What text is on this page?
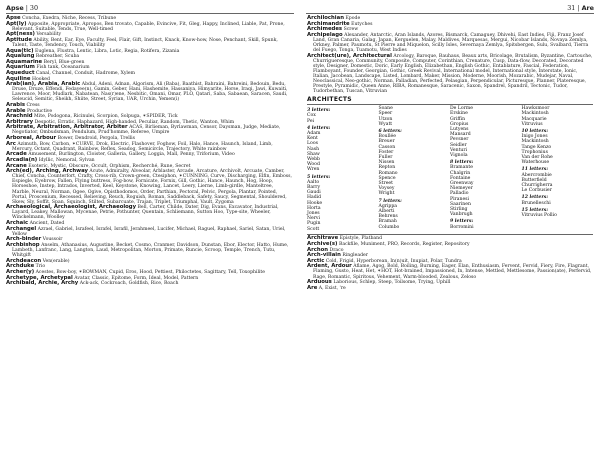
Apse | 30	31 | Are
Apse Concha, Exedra, Niche, Recess, Tribune
Apt(ly) Apposite, Appropriate, Apropos, Ben trovato, Capable, Evincive, Fit, Gleg, Happy, Inclined, Liable, Pat, Prone, Relevant, Suitable, Tends, True, Well-timed
Apt(ness) Versability
Aptitude Ability, Bent, Ear, Eye, Faculty, Feel, Flair, Gift, Instinct, Knack, Know-how, Nose, Penchant, Skill, Spunk, Talent, Taste, Tendency, Touch, Viability
Aqua(tic) Euglena, Flustra, Lentic, Libra, Lotic, Regia, Rotifera, Zizania
Aqualung Rebreather, Scuba
Aquamarine Beryl, Blue-green
Aquarium Fish tank, Oceanarium
Aqueduct Canal, Channel, Conduit, Hadrome, Xylem
Aquiline Hooked
Arab(ian), Arabia, Arabic Abdul, Adeni, Adnan, Algorism, Ali (Baba), Baathist, Bahraini, Bahreini, Bedouin, Bedu, Druse, Druze, Effendi, Fedayee(n), Gamin, Geber, Hani, Hashemite, Hassaniya, Himyarite, Horse, Iraqi, Jawi, Kuwaiti, Lawrence, Moor, Mudlark, Nabatean, Nas(r)ene, Nesbitic, Omani, Omar, PLO, Qatari, Saba, Sabaean, Saracen, Saudi, Seleucid, Semitic, Sheikh, Shiite, Street, Syrian, UAR, Urchin, Yemen(i)
Arabis Cress
Arable Productive
Arachnid Mite, Podogona, Ricinulei, Scorpion, Solpuga, ✶SPIDER, Tick
Arbitrary Despotic, Erratic, Haphazard, High-handed, Peculiar, Random, Thetic, Wanton, Whim
Arbitrate, Arbitration, Arbitrator, Arbiter ACAS, Birlieman, Byrlawman, Censor, Daysman, Judge, Mediate, Negotiator, Ombudsman, Pendulum, Prud'homme, Referee, Umpire
Arboreal, Arbour Bower, Dendroid, Pergola, Trellis
Arc Azimuth, Bow, Carbon, ✶CURVE, Drok, Electric, Flashover, Foghow, Foil, Halo, Hance, Haunch, Island, Limb, Mercury, Octant, Quadrant, Rainbow, Reflex, Seadog, Semicircle, Trajectory, White rainbow
Arcade Amusement, Burlington, Cloister, Galleria, Gallery, Loggia, Mall, Penny, Triforium, Video
Arcadia(n) Idyllic, Nemoral, Sylvan
Arcane Esoteric, Mystic, Obscure, Occult, Orphism, Recherché, Rune, Secret
Arch(ed), Arching, Archway Acute, Admiralty, Alveolar, Arblaster, Arcade, Arcature, Archivolt, Arcuate, Camber, Chief, Concha, Counterfort, Crafty, Cross-rib, Crown-green, Ctesiphon, ✶CUNNING, Curve, Discharging, Elfin, Emboss, Espiegle, Eyebrow, Fallen, Flying buttress, Fog-bow, Fornicate, Fornix, Gill, Gothic, Hance, Haunch, Hog, Hoop, Horseshoe, Instep, Intrados, Inverted, Keel, Keystone, Knowing, Lancet, Leery, Lierne, Limb-girdle, Manteltree, Marble, Neural, Norman, Ogee, Ogive, Opisthodomos, Order, Parthian, Pectoral, Pelvic, Pergola, Plantar, Pointed, Portal, Proscenium, Recessed, Relieving, Reuch, Roguish, Roman, Saddleback, Safety, Saucy, Segmental, Shouldered, Skew, Sly, Soffit, Span, Squinch, Stilted, Subarcuate, Trajan, Triplet, Triumphal, Vault, Zygoma
Archaeological, Archaeologist, Archaeology Bell, Carter, Childe, Dater, Dig, Evans, Excavator, Industrial, Layard, Leakey, Mallowan, Mycenae, Petrie, Pothunter, Quentain, Schliemann, Sutton Hoo, Type-site, Wheeler, Winckelmann, Woolley
Archaic Ancient, Dated
Archangel Azrael, Gabriel, Israfeel, Israfel, Israfil, Jerahmeel, Lucifer, Michael, Raguel, Raphael, Sariel, Satan, Uriel, Yellow
Arch-binder Voussoir
Archbishop Anselm, Athanasius, Augustine, Becket, Cosmo, Cranmer, Davidson, Dunstan, Ebor, Elector, Hatto, Hume, Lambeth, Lanfranc, Lang, Langton, Laud, Metropolitan, Morton, Primate, Runcie, Scroop, Temple, Trench, Tutu, Whitgift
Archdeacon Ven(erable)
Archduke Trio
Archer(y) Acestes, Bow-boy, ✶BOWMAN, Cupid, Eros, Hood, Pettiest, Philoctetes, Sagittary, Tell, Toxophilite
Archetype, Archetypal Avatar, Classic, Epitome, Form, Ideal, Model, Pattern
Archibald, Archie, Archy Ack-ack, Cockroach, Goldfish, Rice, Roach
Archilochian Epode
Archimandrite Eutyches
Archimedes Screw
Archipelago Alexander, Antarctic, Aran Islands, Azores, Bismarck, Camaguey, Dhivehi, East Indies, Fiji, Franz Josef Land, Gran Canaria, Galag, Japan, Kerguelen, Malay, Maldives, Marquesas, Mergui, Nicobar Islands, Novaya Zemlya, Orkney, Palmer, Paumotu, St Pierre and Miquelon, Scilly Isles, Severnaya Zemlya, Spitsbergen, Sulu, Svalbard, Tierra del Fuego, Tonga, Tuamotu, West Indies
Architect(ure), Architectural Arcology, Baroque, Bauhaus, Beaux arts, Bricolage, Brutalism, Byzantine, Cartouche, Churrigueresque, Community, Composite, Computer, Corinthian, Crenature, Cusp, Data-flow, Decorated, Decorated style, Designer, Domestic, Doric, Early English, Elizabethan, English Gothic, Entablature, Fascial, Federation, Flamboyant, Founder, Georgian, Gothic, Greek Revival, International model, International style, Interstate, Ionic, Italian, Jacobean, Landscape, Listed, Lombard, Maker, Mission, Moderne, Moorish, Mozarabic, Mudejar, Naval, Neoclassical, Neo-gothic, Norman, Palladian, Perfected, Pelasgian, Perpendicular, Picturesque, Planner, Plateresque, Prestyle, Pyramidic, Queen Anne, RIBA, Romanesque, Saracenic, Saxon, Spandrel, Spandril, Tectonic, Tudor, Tudorbethan, Tuscan, Vitruvian
ARCHITECTS
3 letters:
Cox
Pei
4 letters:
Adam
Kent
Loos
Nash
Shaw
Webb
Wood
Wren
5 letters:
Aalto
Barry
Gaudi
Hadid
Hooke
Horta
Jones
Nervi
Pugin
Scott
Soane
Speer
Utzon
Wyatt
6 letters:
Boullée
Breuer
Casson
Foster
Fuller
Nissen
Repton
Romano
Spence
Street
Voysey
Wright
7 letters:
Agrippa
Alberti
Behrens
Bramah
Columbo
De Lorme
Erskine
Griffin
Gropius
Lutyens
Mansard
Pevsner
Seidler
Venturi
Vignola
8 letters:
Bramante
Chalgrin
Fontaine
Greenway
Niemeyer
Palladio
Piranesi
Saarinen
Stirling
Vanbrugh
9 letters:
Borromini
Hawksmoor
Mackintosh
Macquarie
Vitruvius
10 letters:
Inigo Jones
Mackintosh
Tange Kenzo
Trophonius
Van der Rohe
Waterhouse
11 letters:
Abercrombie
Butterfield
Churrigherra
Le Corbusier
12 letters:
Brunelleschi
15 letters:
Vitruvius Pollio
Architrave Epistyle, Platband
Archive(s) Backfile, Muniment, PRO, Records, Register, Repository
Archon Draco
Arch-villain Ringleader
Arctic Cold, Frigid, Hyperborean, In(n)uit, Inupiat, Polar, Tundra
Ardent, Ardour Aflame, Agog, Bold, Boiling, Burning, Eager, Élan, Enthusiasm, Fervent, Fervid, Fiery, Fire, Flagrant, Flaming, Gusto, Heat, Het, ✶HOT, Hot-brained, Impassioned, In, Intense, Mettled, Mettlesome, Passion(ate), Perfervid, Rage, Romantic, Spiritous, Vehement, Warm-blooded, Zealous, Zeloso
Arduous Laborious, Schlep, Steep, Toilsome, Trying, Uphill
Are A, Exist, 're
